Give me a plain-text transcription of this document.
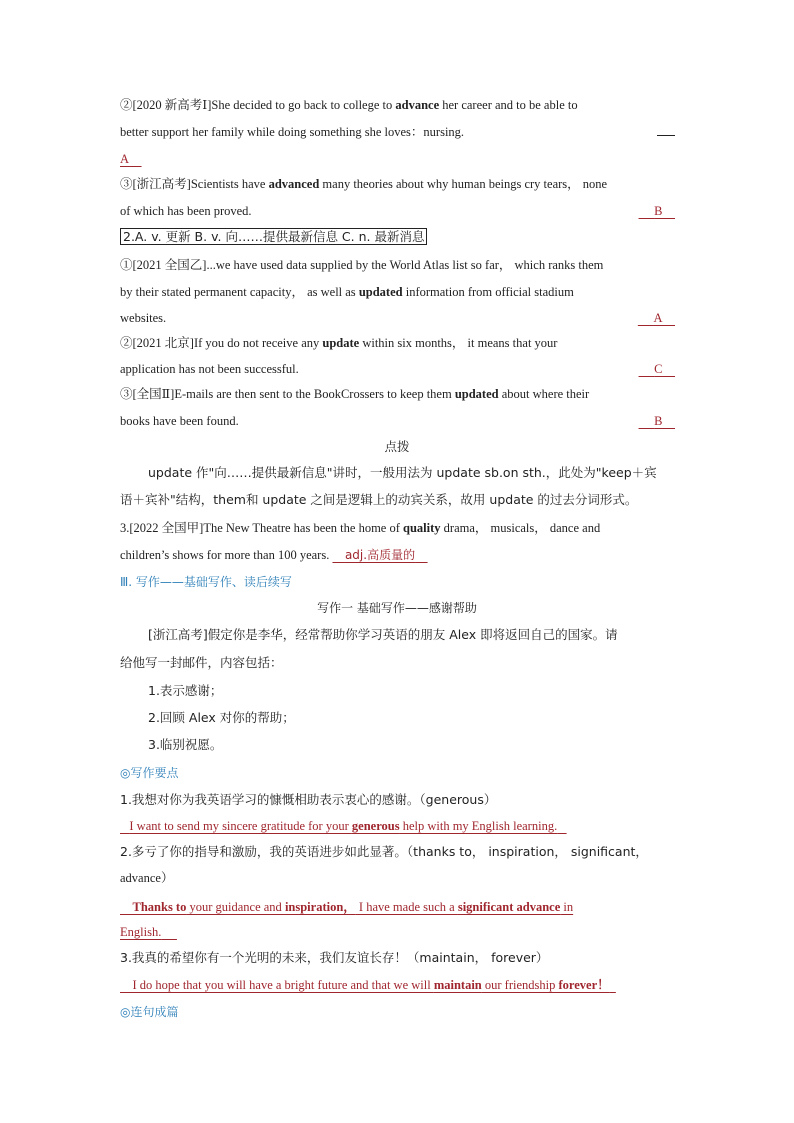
②[2020 新高考Ⅰ]She decided to go back to college to advance her career and to be able to
better support her family while doing something she loves：nursing.
A
③[浙江高考]Scientists have advanced many theories about why human beings cry tears， none
of which has been proved.	B
2.A. v. 更新 B. v. 向……提供最新信息 C. n. 最新消息
①[2021 全国乙]...we have used data supplied by the World Atlas list so far， which ranks them
by their stated permanent capacity， as well as updated information from official stadium
websites.	A
②[2021 北京]If you do not receive any update within six months， it means that your
application has not been successful.	C
③[全国Ⅱ]E-mails are then sent to the BookCrossers to keep them updated about where their
books have been found.	B
点拨
update 作"向……提供最新信息"讲时，一般用法为 update sb.on sth.，此处为"keep＋宾
语＋宾补"结构，them和 update 之间是逻辑上的动宾关系，故用 update 的过去分词形式。
3.[2022 全国甲]The New Theatre has been the home of quality drama， musicals， dance and
children’s shows for more than 100 years. adj.高质量的
Ⅲ. 写作——基础写作、读后续写
写作一 基础写作——感谢帮助
[浙江高考]假定你是李华，经常帮助你学习英语的朋友 Alex 即将返回自己的国家。请
给他写一封邮件，内容包括：
1.表示感谢；
2.回顾 Alex 对你的帮助；
3.临别祝愿。
◎写作要点
1.我想对你为我英语学习的慷慨相助表示衷心的感谢。（generous）
I want to send my sincere gratitude for your generous help with my English learning.
2.多亏了你的指导和激励，我的英语进步如此显著。（thanks to， inspiration， significant，
advance）
Thanks to your guidance and inspiration， I have made such a significant advance in
English.
3.我真的希望你有一个光明的未来，我们友谊长存！（maintain， forever）
I do hope that you will have a bright future and that we will maintain our friendship forever！
◎连句成篇
